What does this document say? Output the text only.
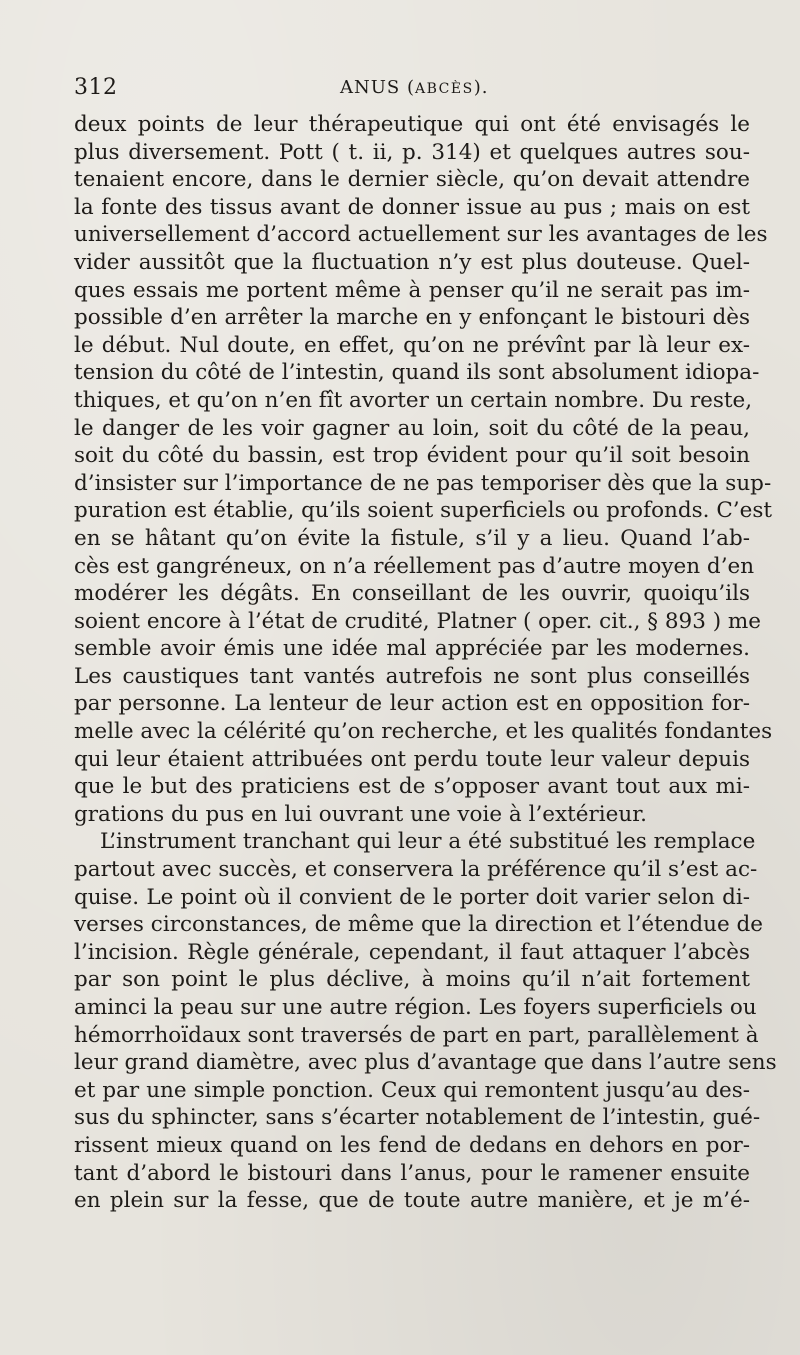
312	ANUS (ABCÈS).
deux points de leur thérapeutique qui ont été envisagés le
plus diversement. Pott ( t. ii, p. 314) et quelques autres sou-
tenaient encore, dans le dernier siècle, qu’on devait attendre
la fonte des tissus avant de donner issue au pus ; mais on est
universellement d’accord actuellement sur les avantages de les
vider aussitôt que la fluctuation n’y est plus douteuse. Quel-
ques essais me portent même à penser qu’il ne serait pas im-
possible d’en arrêter la marche en y enfonçant le bistouri dès
le début. Nul doute, en effet, qu’on ne prévînt par là leur ex-
tension du côté de l’intestin, quand ils sont absolument idiopa-
thiques, et qu’on n’en fît avorter un certain nombre. Du reste,
le danger de les voir gagner au loin, soit du côté de la peau,
soit du côté du bassin, est trop évident pour qu’il soit besoin
d’insister sur l’importance de ne pas temporiser dès que la sup-
puration est établie, qu’ils soient superficiels ou profonds. C’est
en se hâtant qu’on évite la fistule, s’il y a lieu. Quand l’ab-
cès est gangréneux, on n’a réellement pas d’autre moyen d’en
modérer les dégâts. En conseillant de les ouvrir, quoiqu’ils
soient encore à l’état de crudité, Platner ( oper. cit., § 893 ) me
semble avoir émis une idée mal appréciée par les modernes.
Les caustiques tant vantés autrefois ne sont plus conseillés
par personne. La lenteur de leur action est en opposition for-
melle avec la célérité qu’on recherche, et les qualités fondantes
qui leur étaient attribuées ont perdu toute leur valeur depuis
que le but des praticiens est de s’opposer avant tout aux mi-
grations du pus en lui ouvrant une voie à l’extérieur.
L’instrument tranchant qui leur a été substitué les remplace
partout avec succès, et conservera la préférence qu’il s’est ac-
quise. Le point où il convient de le porter doit varier selon di-
verses circonstances, de même que la direction et l’étendue de
l’incision. Règle générale, cependant, il faut attaquer l’abcès
par son point le plus déclive, à moins qu’il n’ait fortement
aminci la peau sur une autre région. Les foyers superficiels ou
hémorrhoïdaux sont traversés de part en part, parallèlement à
leur grand diamètre, avec plus d’avantage que dans l’autre sens
et par une simple ponction. Ceux qui remontent jusqu’au des-
sus du sphincter, sans s’écarter notablement de l’intestin, gué-
rissent mieux quand on les fend de dedans en dehors en por-
tant d’abord le bistouri dans l’anus, pour le ramener ensuite
en plein sur la fesse, que de toute autre manière, et je m’é-
